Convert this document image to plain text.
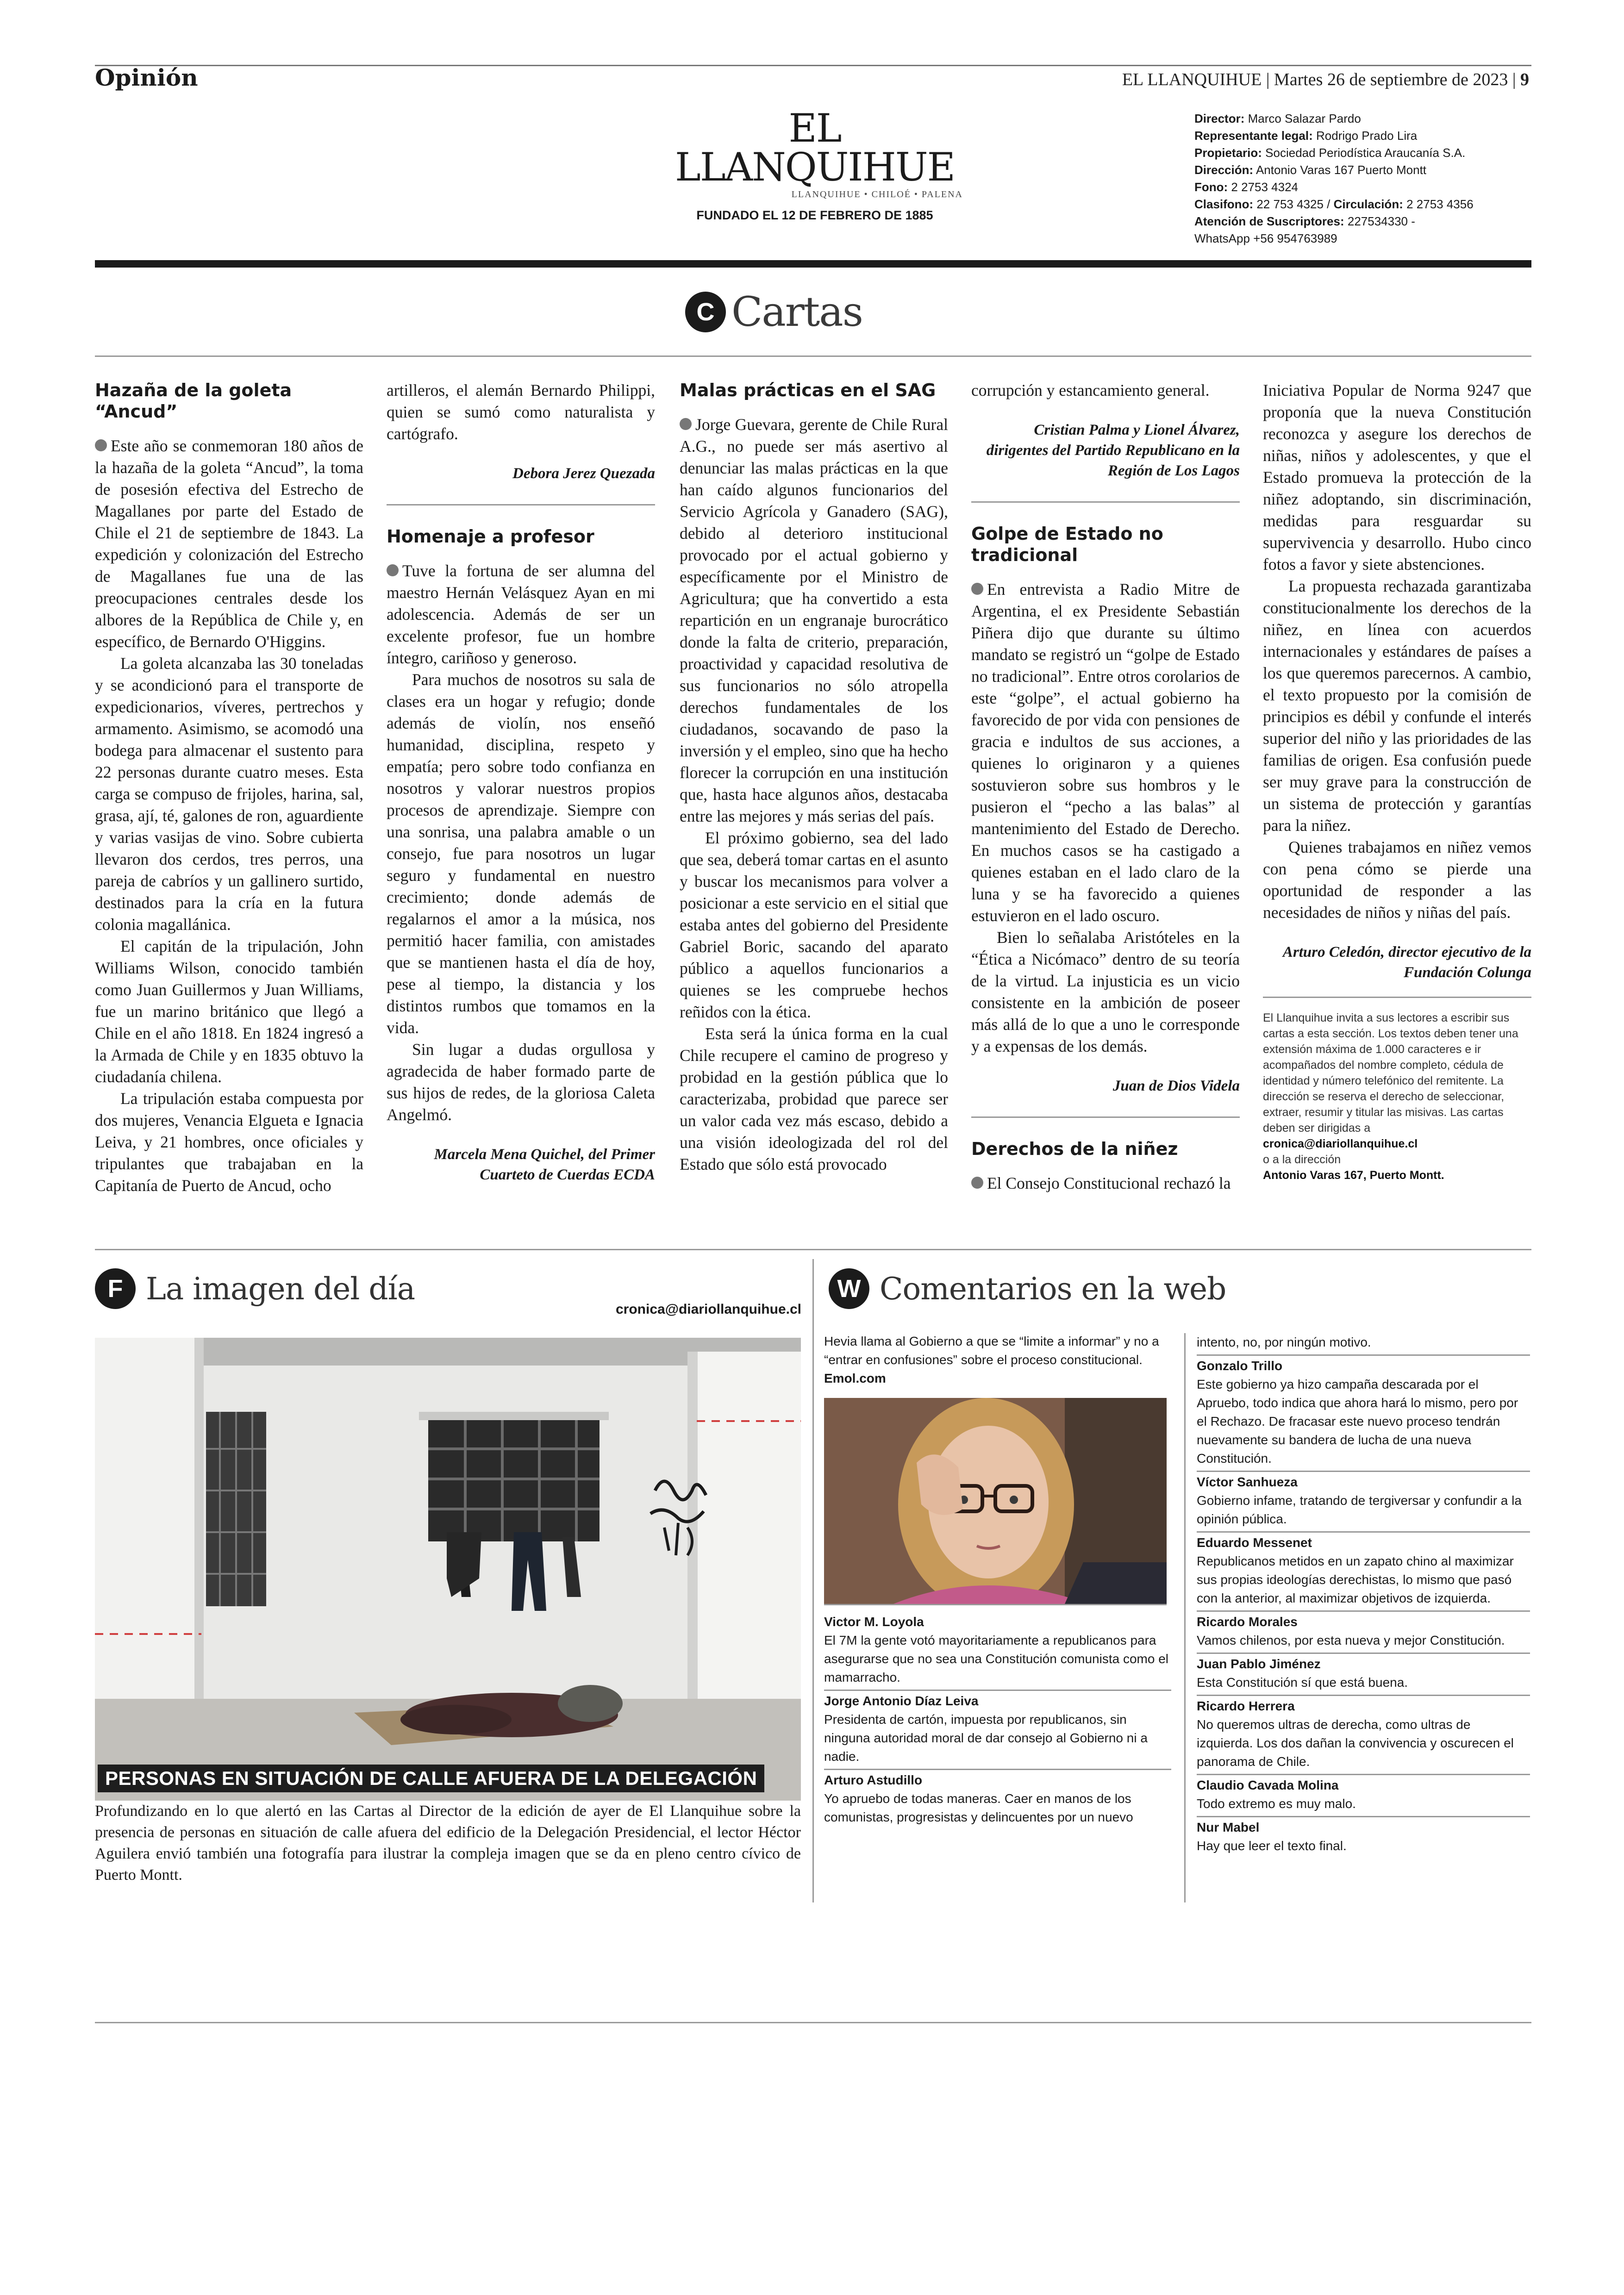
Opinión	EL LLANQUIHUE | Martes 26 de septiembre de 2023 | 9
EL LLANQUIHUE
LLANQUIHUE • CHILOÉ • PALENA
FUNDADO EL 12 DE FEBRERO DE 1885
Director: Marco Salazar Pardo
Representante legal: Rodrigo Prado Lira
Propietario: Sociedad Periodística Araucanía S.A.
Dirección: Antonio Varas 167 Puerto Montt
Fono: 2 2753 4324
Clasifono: 22 753 4325 / Circulación: 2 2753 4356
Atención de Suscriptores: 227534330 -
WhatsApp +56 954763989
C Cartas
Hazaña de la goleta “Ancud”

Este año se conmemoran 180 años de la hazaña de la goleta “Ancud”, la toma de posesión efectiva del Estrecho de Magallanes por parte del Estado de Chile el 21 de septiembre de 1843. La expedición y colonización del Estrecho de Magallanes fue una de las preocupaciones centrales desde los albores de la República de Chile y, en específico, de Bernardo O'Higgins.

La goleta alcanzaba las 30 toneladas y se acondicionó para el transporte de expedicionarios, víveres, pertrechos y armamento. Asimismo, se acomodó una bodega para almacenar el sustento para 22 personas durante cuatro meses. Esta carga se compuso de frijoles, harina, sal, grasa, ají, té, galones de ron, aguardiente y varias vasijas de vino. Sobre cubierta llevaron dos cerdos, tres perros, una pareja de cabríos y un gallinero surtido, destinados para la cría en la futura colonia magallánica.

El capitán de la tripulación, John Williams Wilson, conocido también como Juan Guillermos y Juan Williams, fue un marino británico que llegó a Chile en el año 1818. En 1824 ingresó a la Armada de Chile y en 1835 obtuvo la ciudadanía chilena.

La tripulación estaba compuesta por dos mujeres, Venancia Elgueta e Ignacia Leiva, y 21 hombres, once oficiales y tripulantes que trabajaban en la Capitanía de Puerto de Ancud, ocho

artilleros, el alemán Bernardo Philippi, quien se sumó como naturalista y cartógrafo.

Debora Jerez Quezada
Homenaje a profesor

Tuve la fortuna de ser alumna del maestro Hernán Velásquez Ayan en mi adolescencia. Además de ser un excelente profesor, fue un hombre íntegro, cariñoso y generoso.

Para muchos de nosotros su sala de clases era un hogar y refugio; donde además de violín, nos enseñó humanidad, disciplina, respeto y empatía; pero sobre todo confianza en nosotros y valorar nuestros propios procesos de aprendizaje. Siempre con una sonrisa, una palabra amable o un consejo, fue para nosotros un lugar seguro y fundamental en nuestro crecimiento; donde además de regalarnos el amor a la música, nos permitió hacer familia, con amistades que se mantienen hasta el día de hoy, pese al tiempo, la distancia y los distintos rumbos que tomamos en la vida.

Sin lugar a dudas orgullosa y agradecida de haber formado parte de sus hijos de redes, de la gloriosa Caleta Angelmó.

Marcela Mena Quichel, del Primer Cuarteto de Cuerdas ECDA
Malas prácticas en el SAG

Jorge Guevara, gerente de Chile Rural A.G., no puede ser más asertivo al denunciar las malas prácticas en la que han caído algunos funcionarios del Servicio Agrícola y Ganadero (SAG), debido al deterioro institucional provocado por el actual gobierno y específicamente por el Ministro de Agricultura; que ha convertido a esta repartición en un engranaje burocrático donde la falta de criterio, preparación, proactividad y capacidad resolutiva de sus funcionarios no sólo atropella derechos fundamentales de los ciudadanos, socavando de paso la inversión y el empleo, sino que ha hecho florecer la corrupción en una institución que, hasta hace algunos años, destacaba entre las mejores y más serias del país.

El próximo gobierno, sea del lado que sea, deberá tomar cartas en el asunto y buscar los mecanismos para volver a posicionar a este servicio en el sitial que estaba antes del gobierno del Presidente Gabriel Boric, sacando del aparato público a aquellos funcionarios a quienes se les compruebe hechos reñidos con la ética.

Esta será la única forma en la cual Chile recupere el camino de progreso y probidad en la gestión pública que lo caracterizaba, probidad que parece ser un valor cada vez más escaso, debido a una visión ideologizada del rol del Estado que sólo está provocado

corrupción y estancamiento general.

Cristian Palma y Lionel Álvarez, dirigentes del Partido Republicano en la Región de Los Lagos
Golpe de Estado no tradicional

En entrevista a Radio Mitre de Argentina, el ex Presidente Sebastián Piñera dijo que durante su último mandato se registró un “golpe de Estado no tradicional”. Entre otros corolarios de este “golpe”, el actual gobierno ha favorecido de por vida con pensiones de gracia e indultos de sus acciones, a quienes lo originaron y a quienes sostuvieron sobre sus hombros y le pusieron el “pecho a las balas” al mantenimiento del Estado de Derecho. En muchos casos se ha castigado a quienes estaban en el lado claro de la luna y se ha favorecido a quienes estuvieron en el lado oscuro.

Bien lo señalaba Aristóteles en la “Ética a Nicómaco” dentro de su teoría de la virtud. La injusticia es un vicio consistente en la ambición de poseer más allá de lo que a uno le corresponde y a expensas de los demás.

Juan de Dios Videla
Derechos de la niñez

El Consejo Constitucional rechazó la

Iniciativa Popular de Norma 9247 que proponía que la nueva Constitución reconozca y asegure los derechos de niñas, niños y adolescentes, y que el Estado promueva la protección de la niñez adoptando, sin discriminación, medidas para resguardar su supervivencia y desarrollo. Hubo cinco fotos a favor y siete abstenciones.

La propuesta rechazada garantizaba constitucionalmente los derechos de la niñez, en línea con acuerdos internacionales y estándares de países a los que queremos parecernos. A cambio, el texto propuesto por la comisión de principios es débil y confunde el interés superior del niño y las prioridades de las familias de origen. Esa confusión puede ser muy grave para la construcción de un sistema de protección y garantías para la niñez.

Quienes trabajamos en niñez vemos con pena cómo se pierde una oportunidad de responder a las necesidades de niños y niñas del país.

Arturo Celedón, director ejecutivo de la Fundación Colunga
El Llanquihue invita a sus lectores a escribir sus cartas a esta sección. Los textos deben tener una extensión máxima de 1.000 caracteres e ir acompañados del nombre completo, cédula de identidad y número telefónico del remitente. La dirección se reserva el derecho de seleccionar, extraer, resumir y titular las misivas. Las cartas deben ser dirigidas a
cronica@diariollanquihue.cl
o a la dirección
Antonio Varas 167, Puerto Montt.
F La imagen del día
cronica@diariollanquihue.cl
PERSONAS EN SITUACIÓN DE CALLE AFUERA DE LA DELEGACIÓN
Profundizando en lo que alertó en las Cartas al Director de la edición de ayer de El Llanquihue sobre la presencia de personas en situación de calle afuera del edificio de la Delegación Presidencial, el lector Héctor Aguilera envió también una fotografía para ilustrar la compleja imagen que se da en pleno centro cívico de Puerto Montt.
W Comentarios en la web
Hevia llama al Gobierno a que se “limite a informar” y no a “entrar en confusiones” sobre el proceso constitucional. Emol.com
Victor M. Loyola
El 7M la gente votó mayoritariamente a republicanos para asegurarse que no sea una Constitución comunista como el mamarracho.
Jorge Antonio Díaz Leiva
Presidenta de cartón, impuesta por republicanos, sin ninguna autoridad moral de dar consejo al Gobierno ni a nadie.
Arturo Astudillo
Yo apruebo de todas maneras. Caer en manos de los comunistas, progresistas y delincuentes por un nuevo
intento, no, por ningún motivo.
Gonzalo Trillo
Este gobierno ya hizo campaña descarada por el Apruebo, todo indica que ahora hará lo mismo, pero por el Rechazo. De fracasar este nuevo proceso tendrán nuevamente su bandera de lucha de una nueva Constitución.
Víctor Sanhueza
Gobierno infame, tratando de tergiversar y confundir a la opinión pública.
Eduardo Messenet
Republicanos metidos en un zapato chino al maximizar sus propias ideologías derechistas, lo mismo que pasó con la anterior, al maximizar objetivos de izquierda.
Ricardo Morales
Vamos chilenos, por esta nueva y mejor Constitución.
Juan Pablo Jiménez
Esta Constitución sí que está buena.
Ricardo Herrera
No queremos ultras de derecha, como ultras de izquierda. Los dos dañan la convivencia y oscurecen el panorama de Chile.
Claudio Cavada Molina
Todo extremo es muy malo.
Nur Mabel
Hay que leer el texto final.
